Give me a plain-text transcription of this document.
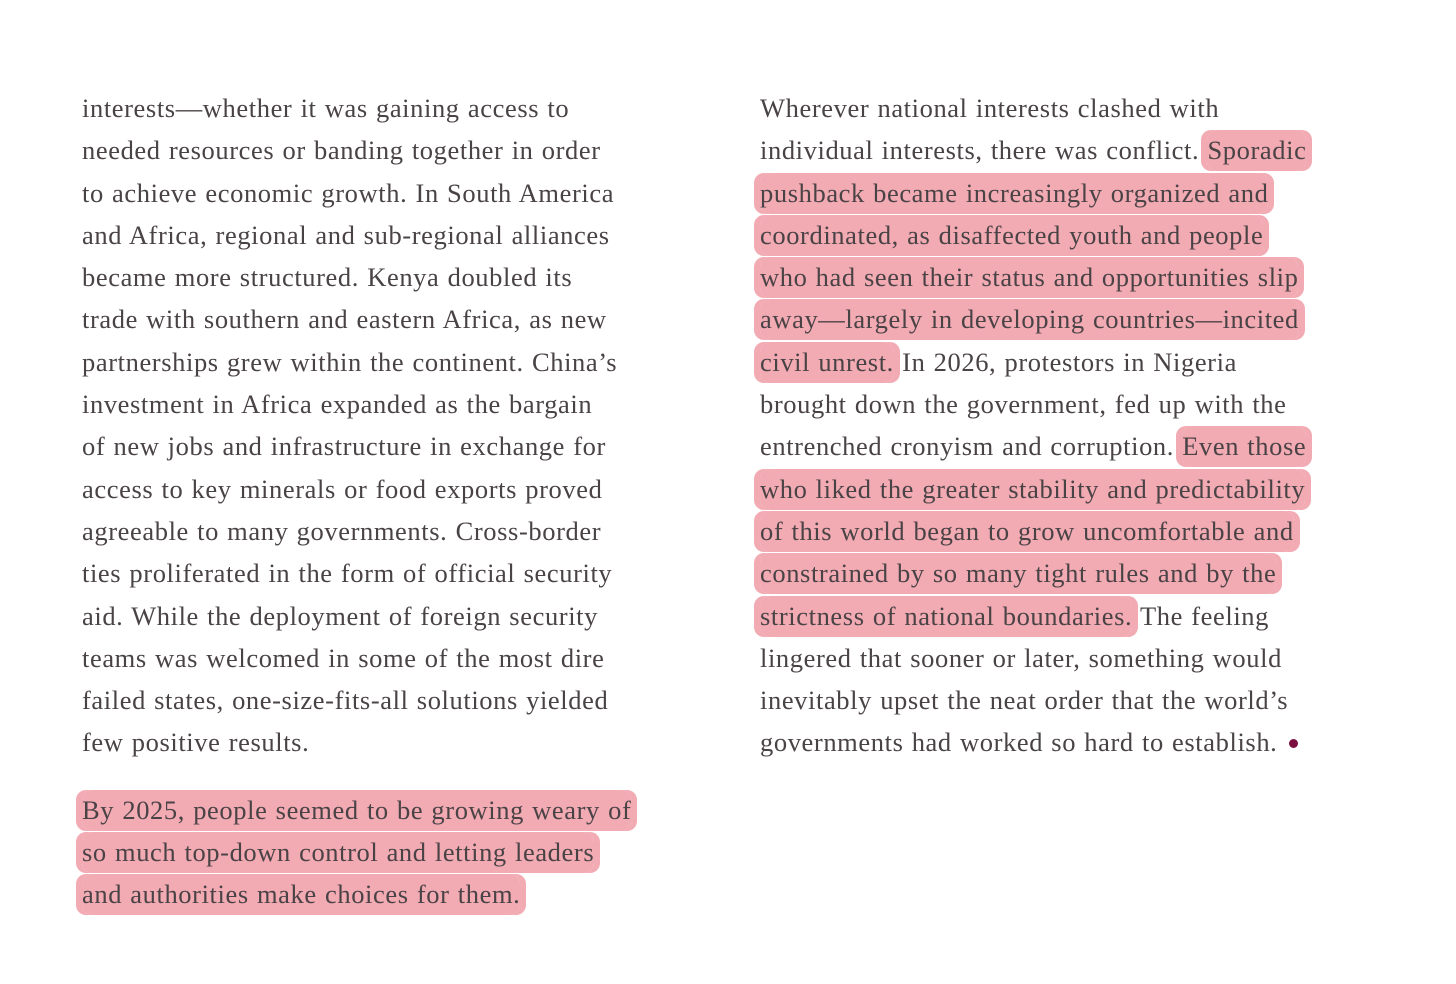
interests—whether it was gaining access to
needed resources or banding together in order
to achieve economic growth. In South America
and Africa, regional and sub-regional alliances
became more structured. Kenya doubled its
trade with southern and eastern Africa, as new
partnerships grew within the continent. China’s
investment in Africa expanded as the bargain
of new jobs and infrastructure in exchange for
access to key minerals or food exports proved
agreeable to many governments. Cross-border
ties proliferated in the form of official security
aid. While the deployment of foreign security
teams was welcomed in some of the most dire
failed states, one-size-fits-all solutions yielded
few positive results.
By 2025, people seemed to be growing weary of
so much top-down control and letting leaders
and authorities make choices for them.
Wherever national interests clashed with
individual interests, there was conflict. Sporadic
pushback became increasingly organized and
coordinated, as disaffected youth and people
who had seen their status and opportunities slip
away—largely in developing countries—incited
civil unrest. In 2026, protestors in Nigeria
brought down the government, fed up with the
entrenched cronyism and corruption. Even those
who liked the greater stability and predictability
of this world began to grow uncomfortable and
constrained by so many tight rules and by the
strictness of national boundaries. The feeling
lingered that sooner or later, something would
inevitably upset the neat order that the world’s
governments had worked so hard to establish.
